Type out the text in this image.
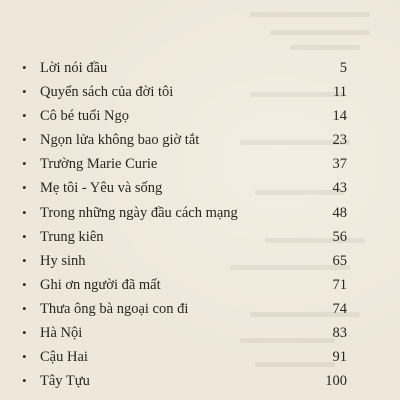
• Lời nói đầu	5
• Quyển sách của đời tôi	11
• Cô bé tuổi Ngọ	14
• Ngọn lửa không bao giờ tắt	23
• Trường Marie Curie	37
• Mẹ tôi - Yêu và sống	43
• Trong những ngày đầu cách mạng	48
• Trung kiên	56
• Hy sinh	65
• Ghi ơn người đã mất	71
• Thưa ông bà ngoại con đi	74
• Hà Nội	83
• Cậu Hai	91
• Tây Tựu	100
